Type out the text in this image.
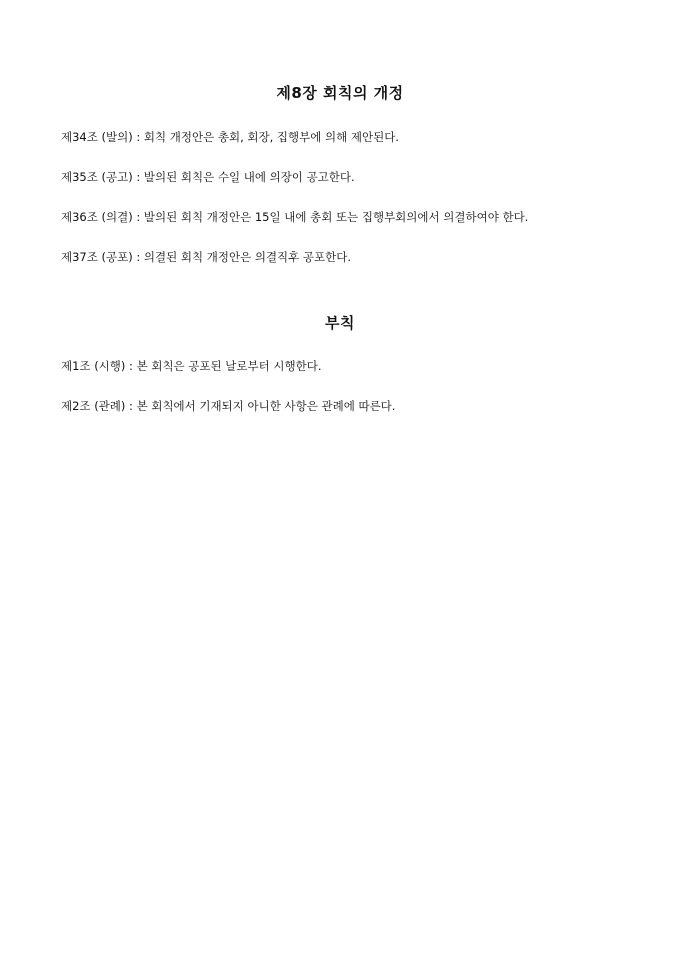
제8장 회칙의 개정

제34조 (발의) : 회칙 개정안은 총회, 회장, 집행부에 의해 제안된다.

제35조 (공고) : 발의된 회칙은 수일 내에 의장이 공고한다.

제36조 (의결) : 발의된 회칙 개정안은 15일 내에 총회 또는 집행부회의에서 의결하여야 한다.

제37조 (공포) : 의결된 회칙 개정안은 의결직후 공포한다.

부칙

제1조 (시행) : 본 회칙은 공포된 날로부터 시행한다.

제2조 (관례) : 본 회칙에서 기재되지 아니한 사항은 관례에 따른다.
